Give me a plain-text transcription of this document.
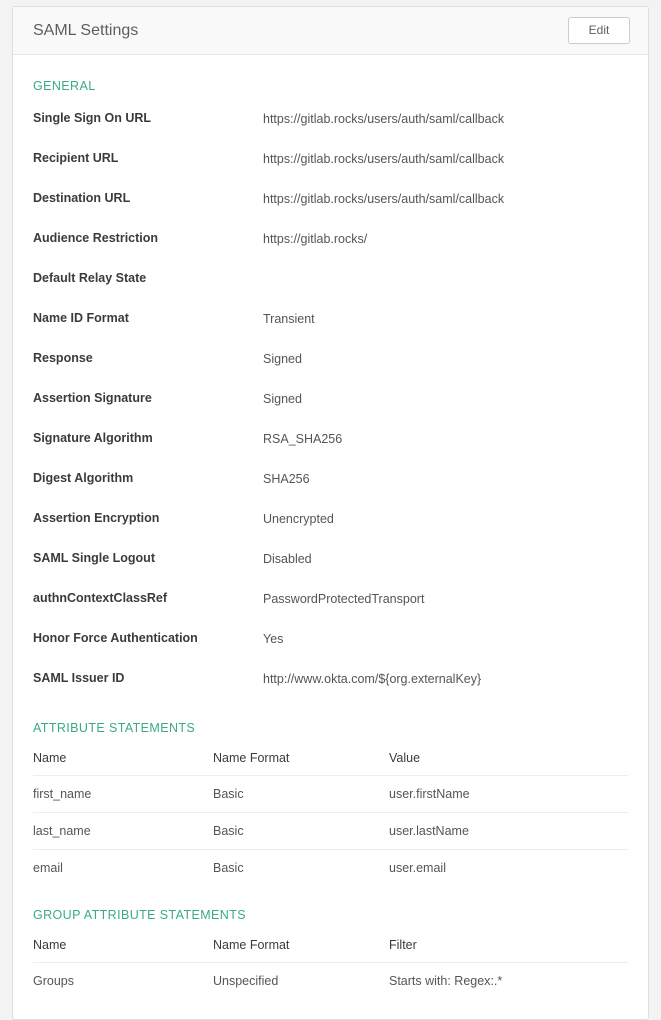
SAML Settings	Edit
GENERAL
Single Sign On URL	https://gitlab.rocks/users/auth/saml/callback
Recipient URL	https://gitlab.rocks/users/auth/saml/callback
Destination URL	https://gitlab.rocks/users/auth/saml/callback
Audience Restriction	https://gitlab.rocks/
Default Relay State
Name ID Format	Transient
Response	Signed
Assertion Signature	Signed
Signature Algorithm	RSA_SHA256
Digest Algorithm	SHA256
Assertion Encryption	Unencrypted
SAML Single Logout	Disabled
authnContextClassRef	PasswordProtectedTransport
Honor Force Authentication	Yes
SAML Issuer ID	http://www.okta.com/${org.externalKey}
ATTRIBUTE STATEMENTS
Name	Name Format	Value
first_name	Basic	user.firstName
last_name	Basic	user.lastName
email	Basic	user.email
GROUP ATTRIBUTE STATEMENTS
Name	Name Format	Filter
Groups	Unspecified	Starts with: Regex:.*
